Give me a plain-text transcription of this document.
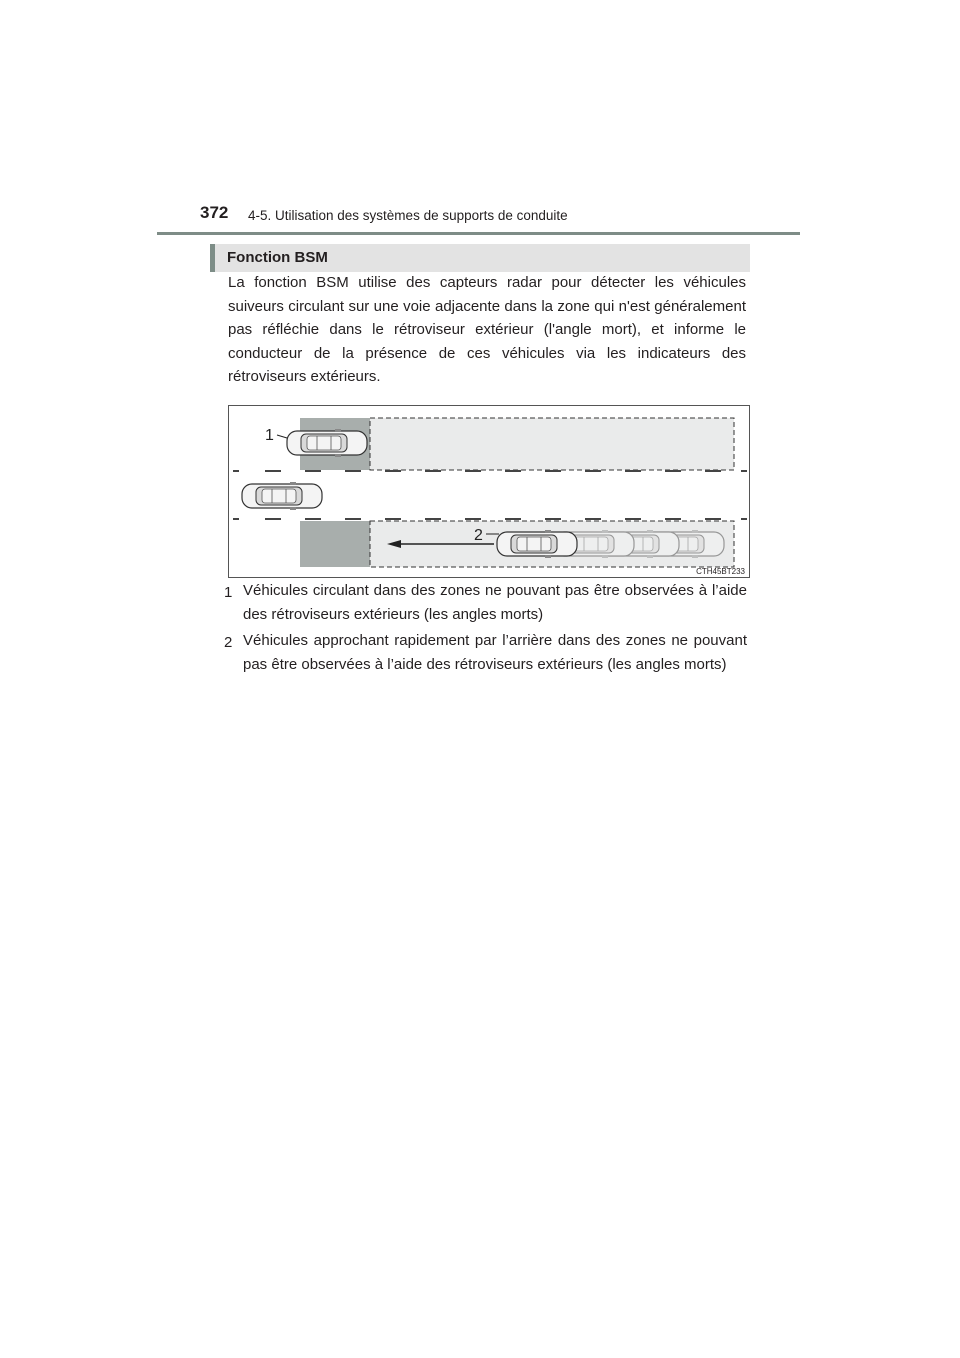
372 4-5. Utilisation des systèmes de supports de conduite
Fonction BSM

La fonction BSM utilise des capteurs radar pour détecter les véhicules suiveurs circulant sur une voie adjacente dans la zone qui n'est généralement pas réfléchie dans le rétroviseur extérieur (l'angle mort), et informe le conducteur de la présence de ces véhicules via les indicateurs des rétroviseurs extérieurs.

1
2
CTH45BT233
1 Véhicules circulant dans des zones ne pouvant pas être observées à l’aide des rétroviseurs extérieurs (les angles morts)

2 Véhicules approchant rapidement par l’arrière dans des zones ne pouvant pas être observées à l’aide des rétroviseurs extérieurs (les angles morts)
